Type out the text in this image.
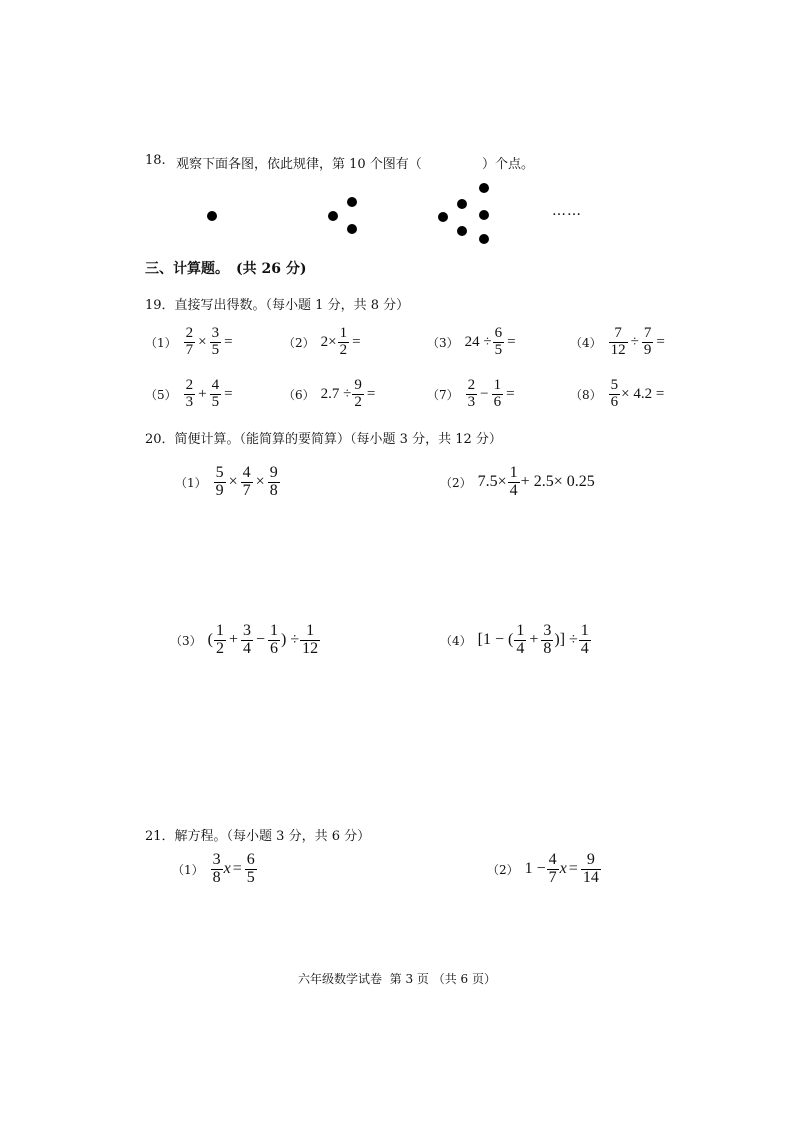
18. 观察下面各图，依此规律，第 10 个图有（	）个点。
……
三、计算题。 (共 26 分)
19．直接写出得数。（每小题 1 分，共 8 分）
$(1) \frac{2}{7} \times \frac{3}{5}$ =	（2） $2\times \frac{1}{2}$ =	（3） $24 \div \frac{6}{5}$ =	$(4) \frac{7}{12} \div \frac{7}{9}$ =
$(5) \frac{2}{3} + \frac{4}{5}$ =	（6） $2.7 \div \frac{9}{2}$ =	$(7) \frac{2}{3} - \frac{1}{6}$ =	$(8) \frac{5}{6} \times 4.2$ =
20．简便计算。（能简算的要简算）（每小题 3 分，共 12 分）
$(1) \frac{5}{9} \times \frac{4}{7} \times \frac{9}{8}$	（2） $7.5\times \frac{1}{4} + 2.5\times 0.25$
（3） ( $\frac{1}{2} + \frac{3}{4} - \frac{1}{6}$ ) ÷ $\frac{1}{12}$	（4） [1 − ( $\frac{1}{4} + \frac{3}{8}$ )] ÷ $\frac{1}{4}$
21．解方程。（每小题 3 分，共 6 分）
$(1) \frac{3}{8}$ $x = \frac{6}{5}$	（2） $1 - \frac{4}{7}$ $x = \frac{9}{14}$
六年级数学试卷  第 3 页 （共 6 页）
